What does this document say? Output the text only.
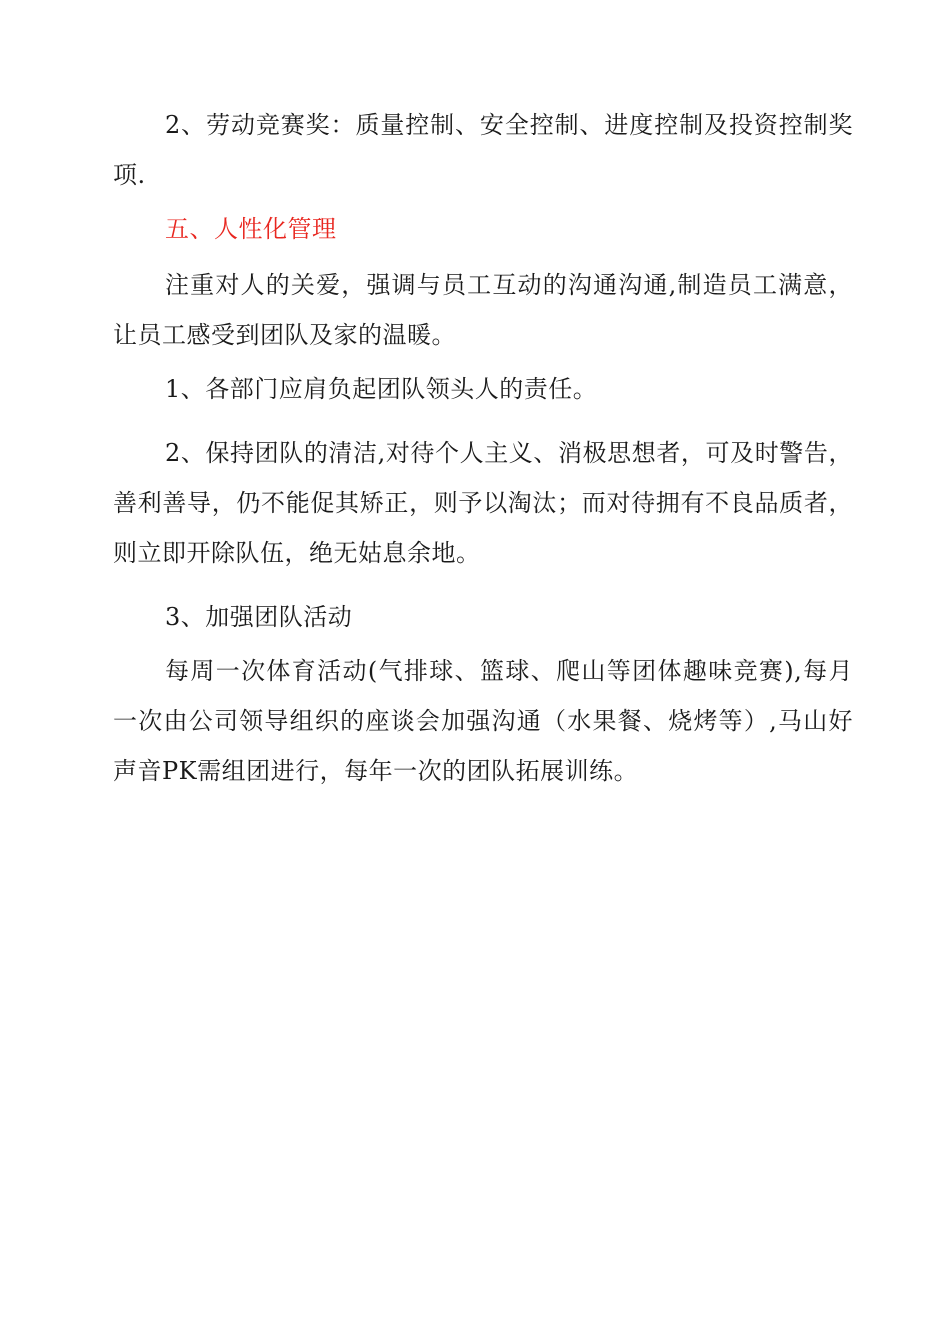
2、劳动竞赛奖：质量控制、安全控制、进度控制及投资控制奖项.

五、人性化管理

注重对人的关爱，强调与员工互动的沟通沟通,制造员工满意，让员工感受到团队及家的温暖。

1、各部门应肩负起团队领头人的责任。

2、保持团队的清洁,对待个人主义、消极思想者，可及时警告，善利善导，仍不能促其矫正，则予以淘汰；而对待拥有不良品质者，则立即开除队伍，绝无姑息余地。

3、加强团队活动

每周一次体育活动(气排球、篮球、爬山等团体趣味竞赛),每月一次由公司领导组织的座谈会加强沟通（水果餐、烧烤等）,马山好声音PK需组团进行，每年一次的团队拓展训练。
